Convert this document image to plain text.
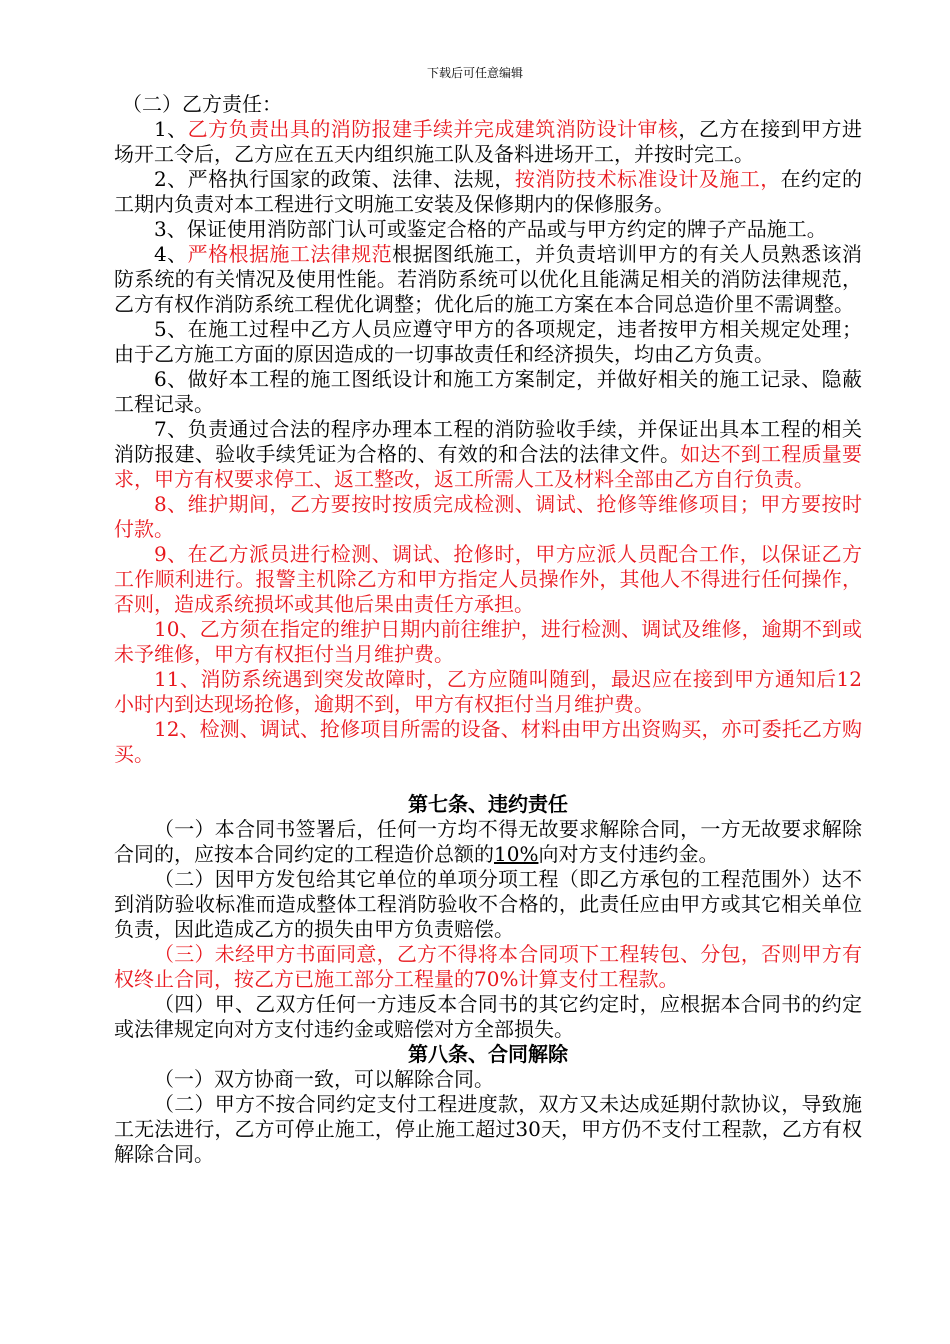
下载后可任意编辑

（二）乙方责任：

1、乙方负责出具的消防报建手续并完成建筑消防设计审核，乙方在接到甲方进场开工令后，乙方应在五天内组织施工队及备料进场开工，并按时完工。

2、严格执行国家的政策、法律、法规，按消防技术标准设计及施工，在约定的工期内负责对本工程进行文明施工安装及保修期内的保修服务。

3、保证使用消防部门认可或鉴定合格的产品或与甲方约定的牌子产品施工。

4、严格根据施工法律规范根据图纸施工，并负责培训甲方的有关人员熟悉该消防系统的有关情况及使用性能。若消防系统可以优化且能满足相关的消防法律规范，乙方有权作消防系统工程优化调整；优化后的施工方案在本合同总造价里不需调整。

5、在施工过程中乙方人员应遵守甲方的各项规定，违者按甲方相关规定处理；由于乙方施工方面的原因造成的一切事故责任和经济损失，均由乙方负责。

6、做好本工程的施工图纸设计和施工方案制定，并做好相关的施工记录、隐蔽工程记录。

7、负责通过合法的程序办理本工程的消防验收手续，并保证出具本工程的相关消防报建、验收手续凭证为合格的、有效的和合法的法律文件。如达不到工程质量要求，甲方有权要求停工、返工整改，返工所需人工及材料全部由乙方自行负责。

8、维护期间，乙方要按时按质完成检测、调试、抢修等维修项目；甲方要按时付款。

9、在乙方派员进行检测、调试、抢修时，甲方应派人员配合工作，以保证乙方工作顺利进行。报警主机除乙方和甲方指定人员操作外，其他人不得进行任何操作，否则，造成系统损坏或其他后果由责任方承担。

10、乙方须在指定的维护日期内前往维护，进行检测、调试及维修，逾期不到或未予维修，甲方有权拒付当月维护费。

11、消防系统遇到突发故障时，乙方应随叫随到，最迟应在接到甲方通知后12小时内到达现场抢修，逾期不到，甲方有权拒付当月维护费。

12、检测、调试、抢修项目所需的设备、材料由甲方出资购买，亦可委托乙方购买。

第七条、违约责任

（一）本合同书签署后，任何一方均不得无故要求解除合同，一方无故要求解除合同的，应按本合同约定的工程造价总额的10%向对方支付违约金。

（二）因甲方发包给其它单位的单项分项工程（即乙方承包的工程范围外）达不到消防验收标准而造成整体工程消防验收不合格的，此责任应由甲方或其它相关单位负责，因此造成乙方的损失由甲方负责赔偿。

（三）未经甲方书面同意，乙方不得将本合同项下工程转包、分包，否则甲方有权终止合同，按乙方已施工部分工程量的70%计算支付工程款。

（四）甲、乙双方任何一方违反本合同书的其它约定时，应根据本合同书的约定或法律规定向对方支付违约金或赔偿对方全部损失。

第八条、合同解除

（一）双方协商一致，可以解除合同。

（二）甲方不按合同约定支付工程进度款，双方又未达成延期付款协议，导致施工无法进行，乙方可停止施工，停止施工超过30天，甲方仍不支付工程款，乙方有权解除合同。
